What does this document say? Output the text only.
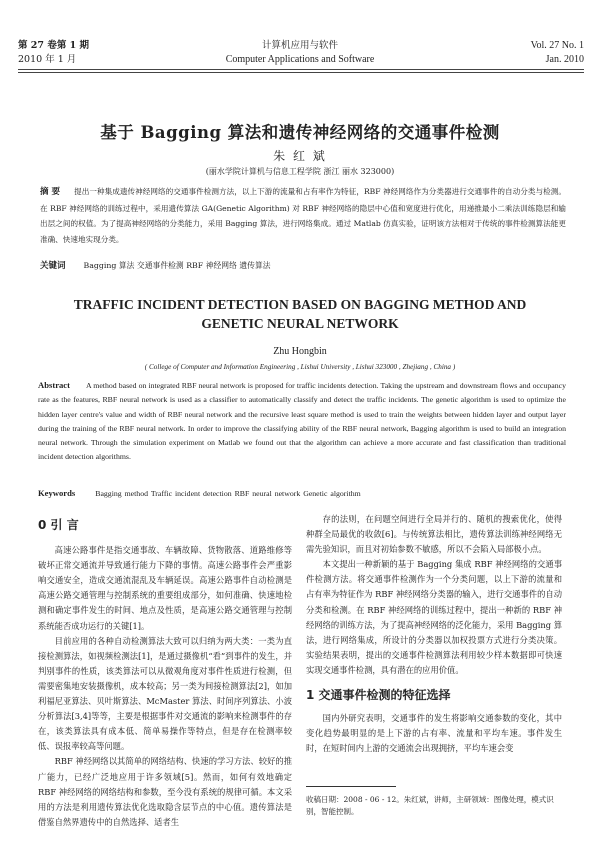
第 27 卷第 1 期
2010 年 1 月
计算机应用与软件
Computer Applications and Software
Vol. 27 No. 1
Jan. 2010
基于 Bagging 算法和遗传神经网络的交通事件检测
朱 红 斌
(丽水学院计算机与信息工程学院 浙江 丽水 323000)
摘 要 提出一种集成遗传神经网络的交通事件检测方法，以上下游的流量和占有率作为特征，RBF 神经网络作为分类器进行交通事件的自动分类与检测。在 RBF 神经网络的训练过程中，采用遗传算法 GA(Genetic Algorithm) 对 RBF 神经网络的隐层中心值和宽度进行优化，用递推最小二乘法训练隐层和输出层之间的权值。为了提高神经网络的分类能力，采用 Bagging 算法，进行网络集成。通过 Matlab 仿真实验，证明该方法相对于传统的事件检测算法能更准确、快速地实现分类。
关键词 Bagging 算法 交通事件检测 RBF 神经网络 遗传算法
TRAFFIC INCIDENT DETECTION BASED ON BAGGING METHOD AND
GENETIC NEURAL NETWORK
Zhu Hongbin
( College of Computer and Information Engineering , Lishui University , Lishui 323000 , Zhejiang , China )
Abstract A method based on integrated RBF neural network is proposed for traffic incidents detection. Taking the upstream and downstream flows and occupancy rate as the features, RBF neural network is used as a classifier to automatically classify and detect the traffic incidents. The genetic algorithm is used to optimize the hidden layer centre's value and width of RBF neural network and the recursive least square method is used to train the weights between hidden layer and output layer during the training of the RBF neural network. In order to improve the classifying ability of the RBF neural network, Bagging algorithm is used to build an integration neural network. Through the simulation experiment on Matlab we found out that the algorithm can achieve a more accurate and fast classification than traditional incident detection algorithms.
Keywords	Bagging method Traffic incident detection RBF neural network Genetic algorithm
0 引 言

高速公路事件是指交通事故、车辆故障、货物散落、道路维修等破坏正常交通流并导致通行能力下降的事情。高速公路事件会严重影响交通安全，造成交通流混乱及车辆延误。高速公路事件自动检测是高速公路交通管理与控制系统的重要组成部分，如何准确、快速地检测和确定事件发生的时间、地点及性质，是高速公路交通管理与控制系统能否成功运行的关键[1]。

目前应用的各种自动检测算法大致可以归纳为两大类：一类为直接检测算法，如视频检测法[1]，是通过摄像机“看”到事件的发生，并判别事件的性质，该类算法可以从微观角度对事件性质进行检测，但需要密集地安装摄像机，成本较高；另一类为间接检测算法[2]，如加利福尼亚算法、贝叶斯算法、McMaster 算法、时间序列算法、小波分析算法[3,4]等等，主要是根据事件对交通流的影响来检测事件的存在，该类算法具有成本低、简单易操作等特点，但是存在检测率较低、误报率较高等问题。

RBF 神经网络以其简单的网络结构、快速的学习方法、较好的推广能力，已经广泛地应用于许多领域[5]。然而，如何有效地确定 RBF 神经网络的网络结构和参数，至今没有系统的规律可循。本文采用的方法是利用遗传算法优化选取隐含层节点的中心值。遗传算法是借鉴自然界遗传中的自然选择、适者生

存的法则，在问题空间进行全局并行的、随机的搜索优化，使得种群全局最优的收敛[6]。与传统算法相比，遗传算法训练神经网络无需先验知识，而且对初始参数不敏感，所以不会陷入局部极小点。

本文提出一种新颖的基于 Bagging 集成 RBF 神经网络的交通事件检测方法。将交通事件检测作为一个分类问题，以上下游的流量和占有率为特征作为 RBF 神经网络分类器的输入，进行交通事件的自动分类和检测。在 RBF 神经网络的训练过程中，提出一种新的 RBF 神经网络的训练方法，为了提高神经网络的泛化能力，采用 Bagging 算法，进行网络集成，所设计的分类器以加权投票方式进行分类决策。实验结果表明，提出的交通事件检测算法利用较少样本数据即可快速实现交通事件检测，具有潜在的应用价值。

1 交通事件检测的特征选择

国内外研究表明，交通事件的发生将影响交通参数的变化，其中变化趋势最明显的是上下游的占有率、流量和平均车速。事件发生时，在短时间内上游的交通流会出现拥挤，平均车速会变

收稿日期：2008 - 06 - 12。朱红斌，讲师，主研领域：图像处理，模式识别，智能控制。
